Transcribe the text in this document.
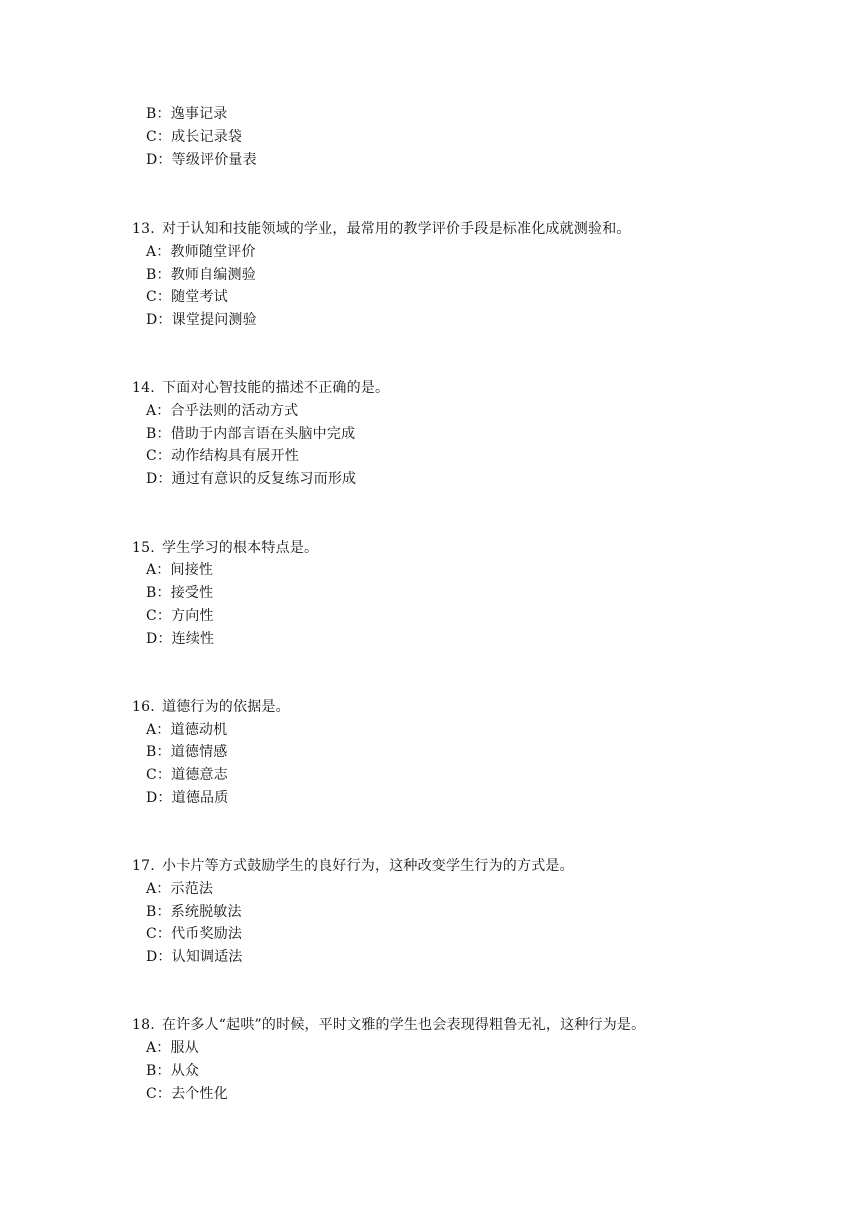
B：逸事记录
C：成长记录袋
D：等级评价量表
13. 对于认知和技能领域的学业，最常用的教学评价手段是标准化成就测验和。
A：教师随堂评价
B：教师自编测验
C：随堂考试
D：课堂提问测验
14. 下面对心智技能的描述不正确的是。
A：合乎法则的活动方式
B：借助于内部言语在头脑中完成
C：动作结构具有展开性
D：通过有意识的反复练习而形成
15. 学生学习的根本特点是。
A：间接性
B：接受性
C：方向性
D：连续性
16. 道德行为的依据是。
A：道德动机
B：道德情感
C：道德意志
D：道德品质
17. 小卡片等方式鼓励学生的良好行为，这种改变学生行为的方式是。
A：示范法
B：系统脱敏法
C：代币奖励法
D：认知调适法
18. 在许多人“起哄”的时候，平时文雅的学生也会表现得粗鲁无礼，这种行为是。
A：服从
B：从众
C：去个性化
